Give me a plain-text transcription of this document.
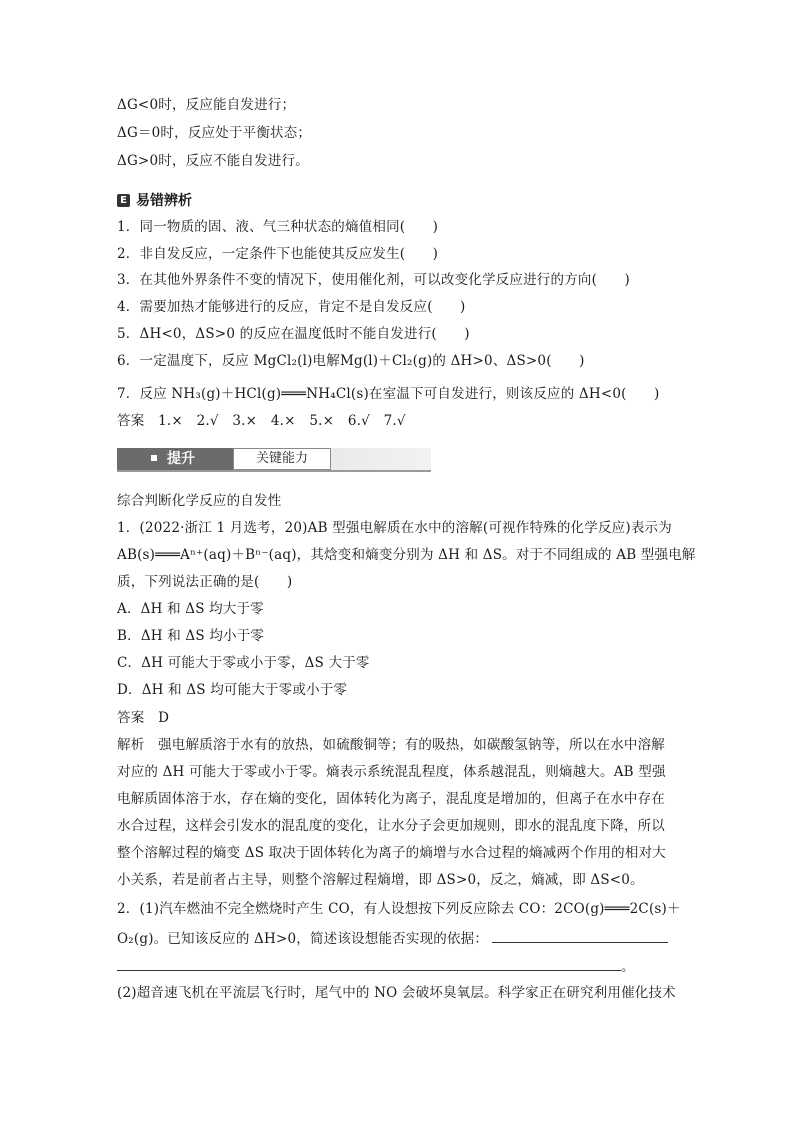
ΔG<0时，反应能自发进行；
ΔG＝0时，反应处于平衡状态；
ΔG>0时，反应不能自发进行。
E 易错辨析
1．同一物质的固、液、气三种状态的熵值相同(　　)
2．非自发反应，一定条件下也能使其反应发生(　　)
3．在其他外界条件不变的情况下，使用催化剂，可以改变化学反应进行的方向(　　)
4．需要加热才能够进行的反应，肯定不是自发反应(　　)
5．ΔH<0，ΔS>0 的反应在温度低时不能自发进行(　　)
6．一定温度下，反应 MgCl₂(l)电解Mg(l)＋Cl₂(g)的 ΔH>0、ΔS>0(　　)
7．反应 NH₃(g)＋HCl(g)═══NH₄Cl(s)在室温下可自发进行，则该反应的 ΔH<0(　　)
答案　1.×　2.√　3.×　4.×　5.×　6.√　7.√
提升	关键能力
综合判断化学反应的自发性
1．(2022·浙江 1 月选考，20)AB 型强电解质在水中的溶解(可视作特殊的化学反应)表示为
AB(s)═══Aⁿ⁺(aq)＋Bⁿ⁻(aq)，其焓变和熵变分别为 ΔH 和 ΔS。对于不同组成的 AB 型强电解
质，下列说法正确的是(　　)
A．ΔH 和 ΔS 均大于零
B．ΔH 和 ΔS 均小于零
C．ΔH 可能大于零或小于零，ΔS 大于零
D．ΔH 和 ΔS 均可能大于零或小于零
答案　D
解析　强电解质溶于水有的放热，如硫酸铜等；有的吸热，如碳酸氢钠等，所以在水中溶解
对应的 ΔH 可能大于零或小于零。熵表示系统混乱程度，体系越混乱，则熵越大。AB 型强
电解质固体溶于水，存在熵的变化，固体转化为离子，混乱度是增加的，但离子在水中存在
水合过程，这样会引发水的混乱度的变化，让水分子会更加规则，即水的混乱度下降，所以
整个溶解过程的熵变 ΔS 取决于固体转化为离子的熵增与水合过程的熵减两个作用的相对大
小关系，若是前者占主导，则整个溶解过程熵增，即 ΔS>0，反之，熵减，即 ΔS<0。
2．(1)汽车燃油不完全燃烧时产生 CO，有人设想按下列反应除去 CO：2CO(g)═══2C(s)＋
O₂(g)。已知该反应的 ΔH>0，简述该设想能否实现的依据：
。
(2)超音速飞机在平流层飞行时，尾气中的 NO 会破坏臭氧层。科学家正在研究利用催化技术
